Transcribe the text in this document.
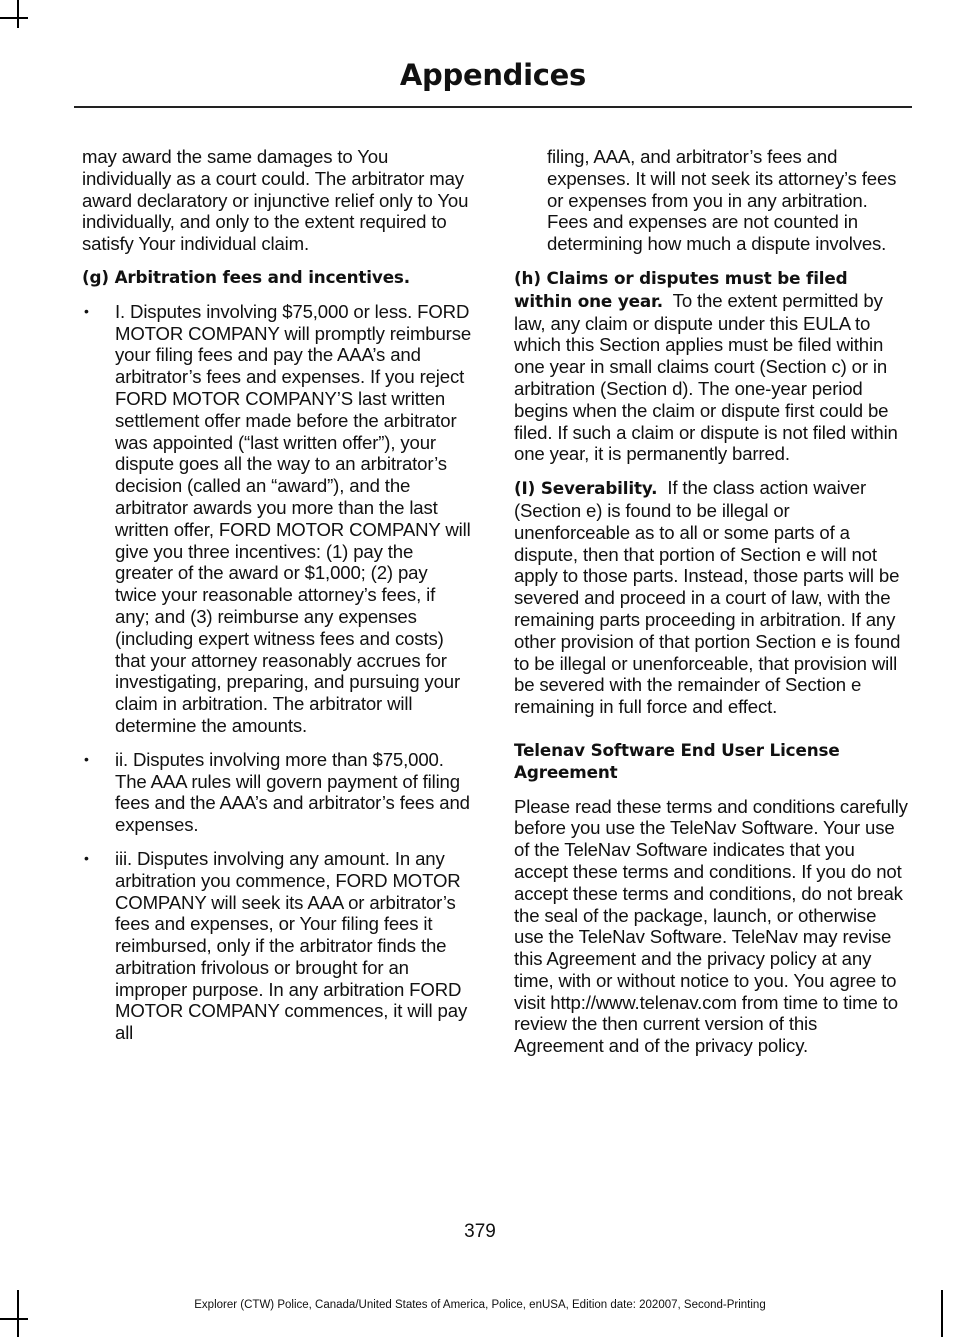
Appendices

may award the same damages to You individually as a court could. The arbitrator may award declaratory or injunctive relief only to You individually, and only to the extent required to satisfy Your individual claim.

(g) Arbitration fees and incentives.

• I. Disputes involving $75,000 or less. FORD MOTOR COMPANY will promptly reimburse your filing fees and pay the AAA’s and arbitrator’s fees and expenses. If you reject FORD MOTOR COMPANY’S last written settlement offer made before the arbitrator was appointed (“last written offer”), your dispute goes all the way to an arbitrator’s decision (called an “award”), and the arbitrator awards you more than the last written offer, FORD MOTOR COMPANY will give you three incentives: (1) pay the greater of the award or $1,000; (2) pay twice your reasonable attorney’s fees, if any; and (3) reimburse any expenses (including expert witness fees and costs) that your attorney reasonably accrues for investigating, preparing, and pursuing your claim in arbitration. The arbitrator will determine the amounts.
• ii. Disputes involving more than $75,000. The AAA rules will govern payment of filing fees and the AAA’s and arbitrator’s fees and expenses.
• iii. Disputes involving any amount. In any arbitration you commence, FORD MOTOR COMPANY will seek its AAA or arbitrator’s fees and expenses, or Your filing fees it reimbursed, only if the arbitrator finds the arbitration frivolous or brought for an improper purpose. In any arbitration FORD MOTOR COMPANY commences, it will pay all

filing, AAA, and arbitrator’s fees and expenses. It will not seek its attorney’s fees or expenses from you in any arbitration. Fees and expenses are not counted in determining how much a dispute involves.

(h) Claims or disputes must be filed within one year. To the extent permitted by law, any claim or dispute under this EULA to which this Section applies must be filed within one year in small claims court (Section c) or in arbitration (Section d). The one-year period begins when the claim or dispute first could be filed. If such a claim or dispute is not filed within one year, it is permanently barred.

(I) Severability. If the class action waiver (Section e) is found to be illegal or unenforceable as to all or some parts of a dispute, then that portion of Section e will not apply to those parts. Instead, those parts will be severed and proceed in a court of law, with the remaining parts proceeding in arbitration. If any other provision of that portion Section e is found to be illegal or unenforceable, that provision will be severed with the remainder of Section e remaining in full force and effect.

Telenav Software End User License Agreement

Please read these terms and conditions carefully before you use the TeleNav Software. Your use of the TeleNav Software indicates that you accept these terms and conditions. If you do not accept these terms and conditions, do not break the seal of the package, launch, or otherwise use the TeleNav Software. TeleNav may revise this Agreement and the privacy policy at any time, with or without notice to you. You agree to visit http://www.telenav.com from time to time to review the then current version of this Agreement and of the privacy policy.

379
Explorer (CTW) Police, Canada/United States of America, Police, enUSA, Edition date: 202007, Second-Printing
